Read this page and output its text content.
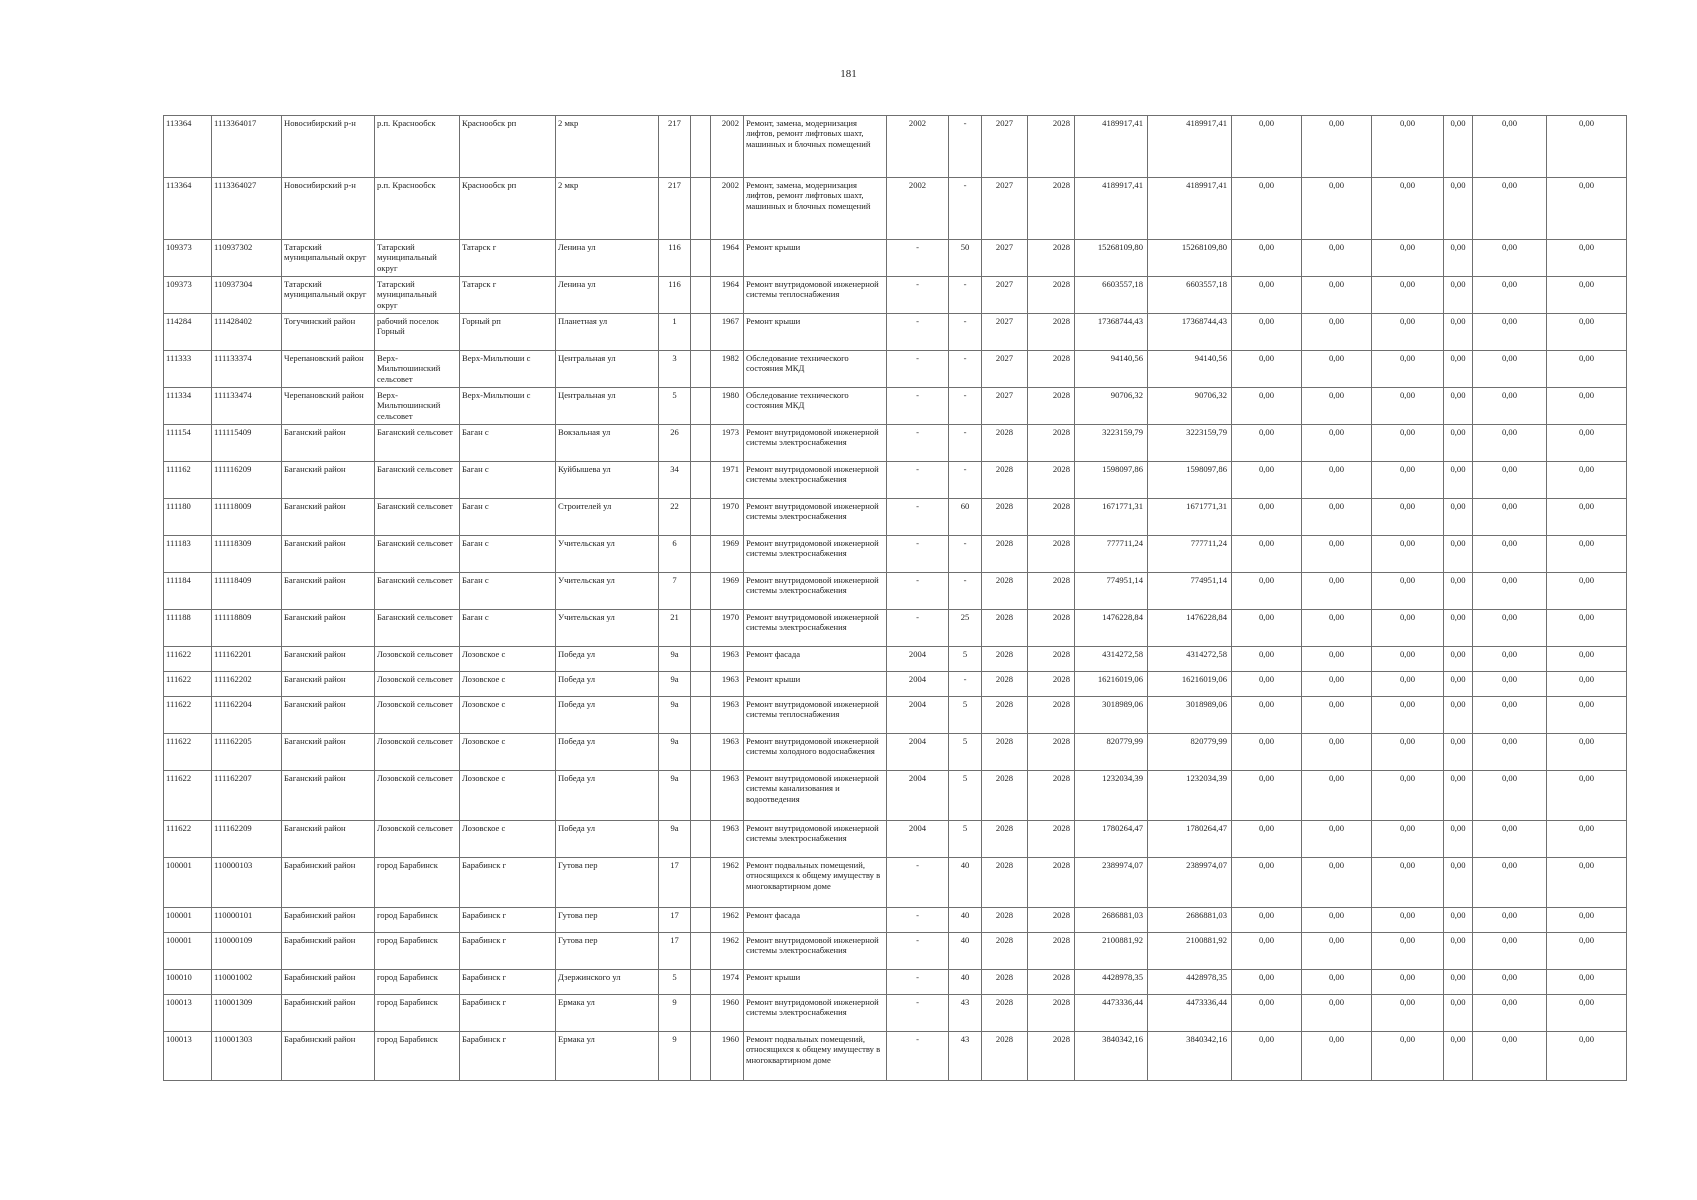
181
113364	1113364017	Новосибирский р-н	р.п. Краснообск	Краснообск рп	2 мкр	217		2002	Ремонт, замена, модернизация лифтов, ремонт лифтовых шахт, машинных и блочных помещений	2002	-	2027	2028	4189917,41	4189917,41	0,00	0,00	0,00	0,00	0,00	0,00
113364	1113364027	Новосибирский р-н	р.п. Краснообск	Краснообск рп	2 мкр	217		2002	Ремонт, замена, модернизация лифтов, ремонт лифтовых шахт, машинных и блочных помещений	2002	-	2027	2028	4189917,41	4189917,41	0,00	0,00	0,00	0,00	0,00	0,00
109373	110937302	Татарский муниципальный округ	Татарский муниципальный округ	Татарск г	Ленина ул	116		1964	Ремонт крыши	-	50	2027	2028	15268109,80	15268109,80	0,00	0,00	0,00	0,00	0,00	0,00
109373	110937304	Татарский муниципальный округ	Татарский муниципальный округ	Татарск г	Ленина ул	116		1964	Ремонт внутридомовой инженерной системы теплоснабжения	-	-	2027	2028	6603557,18	6603557,18	0,00	0,00	0,00	0,00	0,00	0,00
114284	111428402	Тогучинский район	рабочий поселок Горный	Горный рп	Планетная ул	1		1967	Ремонт крыши	-	-	2027	2028	17368744,43	17368744,43	0,00	0,00	0,00	0,00	0,00	0,00
111333	111133374	Черепановский район	Верх-Мильтюшинский сельсовет	Верх-Мильтюши с	Центральная ул	3		1982	Обследование технического состояния МКД	-	-	2027	2028	94140,56	94140,56	0,00	0,00	0,00	0,00	0,00	0,00
111334	111133474	Черепановский район	Верх-Мильтюшинский сельсовет	Верх-Мильтюши с	Центральная ул	5		1980	Обследование технического состояния МКД	-	-	2027	2028	90706,32	90706,32	0,00	0,00	0,00	0,00	0,00	0,00
111154	111115409	Баганский район	Баганский сельсовет	Баган с	Вокзальная ул	26		1973	Ремонт внутридомовой инженерной системы электроснабжения	-	-	2028	2028	3223159,79	3223159,79	0,00	0,00	0,00	0,00	0,00	0,00
111162	111116209	Баганский район	Баганский сельсовет	Баган с	Куйбышева ул	34		1971	Ремонт внутридомовой инженерной системы электроснабжения	-	-	2028	2028	1598097,86	1598097,86	0,00	0,00	0,00	0,00	0,00	0,00
111180	111118009	Баганский район	Баганский сельсовет	Баган с	Строителей ул	22		1970	Ремонт внутридомовой инженерной системы электроснабжения	-	60	2028	2028	1671771,31	1671771,31	0,00	0,00	0,00	0,00	0,00	0,00
111183	111118309	Баганский район	Баганский сельсовет	Баган с	Учительская ул	6		1969	Ремонт внутридомовой инженерной системы электроснабжения	-	-	2028	2028	777711,24	777711,24	0,00	0,00	0,00	0,00	0,00	0,00
111184	111118409	Баганский район	Баганский сельсовет	Баган с	Учительская ул	7		1969	Ремонт внутридомовой инженерной системы электроснабжения	-	-	2028	2028	774951,14	774951,14	0,00	0,00	0,00	0,00	0,00	0,00
111188	111118809	Баганский район	Баганский сельсовет	Баган с	Учительская ул	21		1970	Ремонт внутридомовой инженерной системы электроснабжения	-	25	2028	2028	1476228,84	1476228,84	0,00	0,00	0,00	0,00	0,00	0,00
111622	111162201	Баганский район	Лозовской сельсовет	Лозовское с	Победа ул	9а		1963	Ремонт фасада	2004	5	2028	2028	4314272,58	4314272,58	0,00	0,00	0,00	0,00	0,00	0,00
111622	111162202	Баганский район	Лозовской сельсовет	Лозовское с	Победа ул	9а		1963	Ремонт крыши	2004	-	2028	2028	16216019,06	16216019,06	0,00	0,00	0,00	0,00	0,00	0,00
111622	111162204	Баганский район	Лозовской сельсовет	Лозовское с	Победа ул	9а		1963	Ремонт внутридомовой инженерной системы теплоснабжения	2004	5	2028	2028	3018989,06	3018989,06	0,00	0,00	0,00	0,00	0,00	0,00
111622	111162205	Баганский район	Лозовской сельсовет	Лозовское с	Победа ул	9а		1963	Ремонт внутридомовой инженерной системы холодного водоснабжения	2004	5	2028	2028	820779,99	820779,99	0,00	0,00	0,00	0,00	0,00	0,00
111622	111162207	Баганский район	Лозовской сельсовет	Лозовское с	Победа ул	9а		1963	Ремонт внутридомовой инженерной системы канализования и водоотведения	2004	5	2028	2028	1232034,39	1232034,39	0,00	0,00	0,00	0,00	0,00	0,00
111622	111162209	Баганский район	Лозовской сельсовет	Лозовское с	Победа ул	9а		1963	Ремонт внутридомовой инженерной системы электроснабжения	2004	5	2028	2028	1780264,47	1780264,47	0,00	0,00	0,00	0,00	0,00	0,00
100001	110000103	Барабинский район	город Барабинск	Барабинск г	Гутова пер	17		1962	Ремонт подвальных помещений, относящихся к общему имуществу в многоквартирном доме	-	40	2028	2028	2389974,07	2389974,07	0,00	0,00	0,00	0,00	0,00	0,00
100001	110000101	Барабинский район	город Барабинск	Барабинск г	Гутова пер	17		1962	Ремонт фасада	-	40	2028	2028	2686881,03	2686881,03	0,00	0,00	0,00	0,00	0,00	0,00
100001	110000109	Барабинский район	город Барабинск	Барабинск г	Гутова пер	17		1962	Ремонт внутридомовой инженерной системы электроснабжения	-	40	2028	2028	2100881,92	2100881,92	0,00	0,00	0,00	0,00	0,00	0,00
100010	110001002	Барабинский район	город Барабинск	Барабинск г	Дзержинского ул	5		1974	Ремонт крыши	-	40	2028	2028	4428978,35	4428978,35	0,00	0,00	0,00	0,00	0,00	0,00
100013	110001309	Барабинский район	город Барабинск	Барабинск г	Ермака ул	9		1960	Ремонт внутридомовой инженерной системы электроснабжения	-	43	2028	2028	4473336,44	4473336,44	0,00	0,00	0,00	0,00	0,00	0,00
100013	110001303	Барабинский район	город Барабинск	Барабинск г	Ермака ул	9		1960	Ремонт подвальных помещений, относящихся к общему имуществу в многоквартирном доме	-	43	2028	2028	3840342,16	3840342,16	0,00	0,00	0,00	0,00	0,00	0,00
